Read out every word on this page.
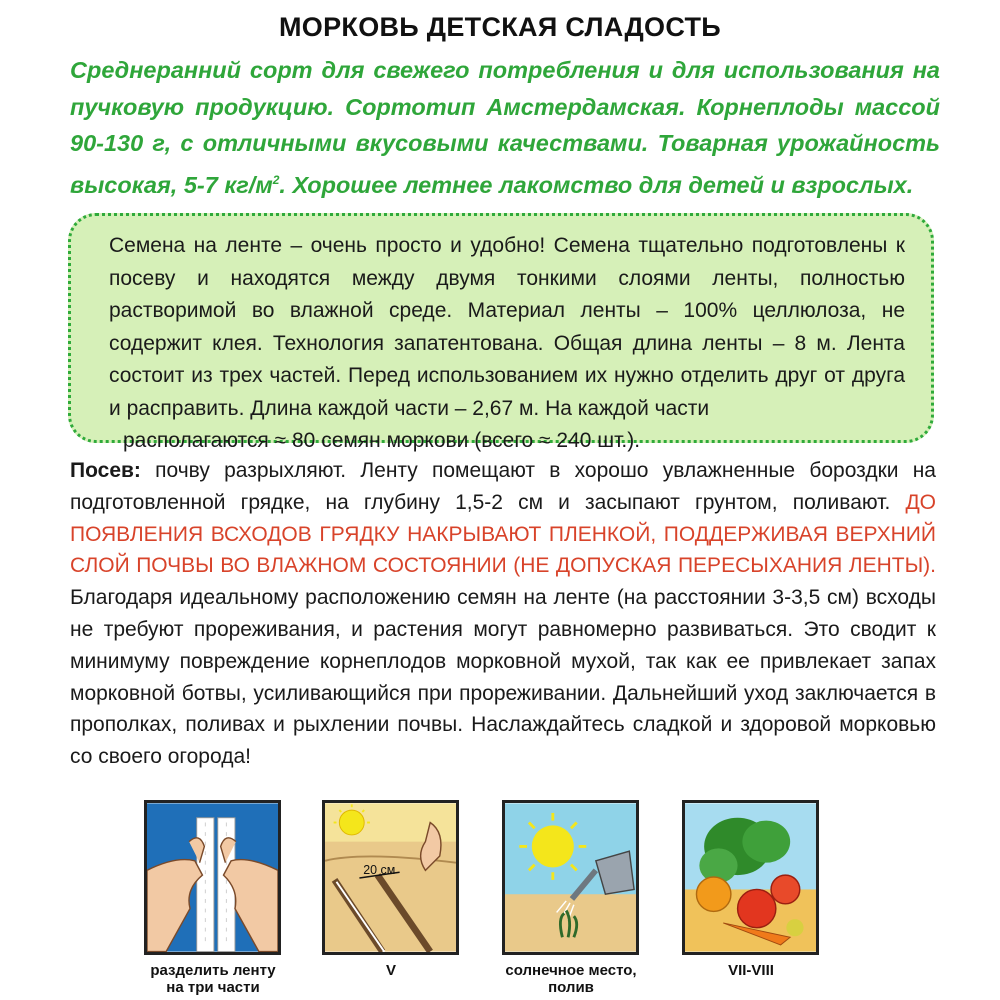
МОРКОВЬ ДЕТСКАЯ СЛАДОСТЬ
Среднеранний сорт для свежего потребления и для использования на пучковую продукцию. Сортотип Амстердамская. Корнеплоды массой 90-130 г, с отличными вкусовыми качествами. Товарная урожайность высокая, 5-7 $кг/м^2$. Хорошее летнее лакомство для детей и взрослых.
Семена на ленте – очень просто и удобно! Семена тщательно подготовлены к посеву и находятся между двумя тонкими слоями ленты, полностью растворимой во влажной среде. Материал ленты – 100% целлюлоза, не содержит клея. Технология запатентована. Общая длина ленты – 8 м. Лента состоит из трех частей. Перед использованием их нужно отделить друг от друга и расправить. Длина каждой части – 2,67 м. На каждой части
располагаются ≈ 80 семян моркови (всего ≈ 240 шт.).
Посев: почву разрыхляют. Ленту помещают в хорошо увлажненные бороздки на подготовленной грядке, на глубину 1,5-2 см и засыпают грунтом, поливают. ДО ПОЯВЛЕНИЯ ВСХОДОВ ГРЯДКУ НАКРЫВАЮТ ПЛЕНКОЙ, ПОДДЕРЖИВАЯ ВЕРХНИЙ СЛОЙ ПОЧВЫ ВО ВЛАЖНОМ СОСТОЯНИИ (НЕ ДОПУСКАЯ ПЕРЕСЫХАНИЯ ЛЕНТЫ). Благодаря идеальному расположению семян на ленте (на расстоянии 3-3,5 см) всходы не требуют прореживания, и растения могут равномерно развиваться. Это сводит к минимуму повреждение корнеплодов морковной мухой, так как ее привлекает запах морковной ботвы, усиливающийся при прореживании. Дальнейший уход заключается в прополках, поливах и рыхлении почвы. Наслаждайтесь сладкой и здоровой морковью со своего огорода!
разделить ленту
на три части
20 см
V	солнечное место,
полив
VII-VIII
